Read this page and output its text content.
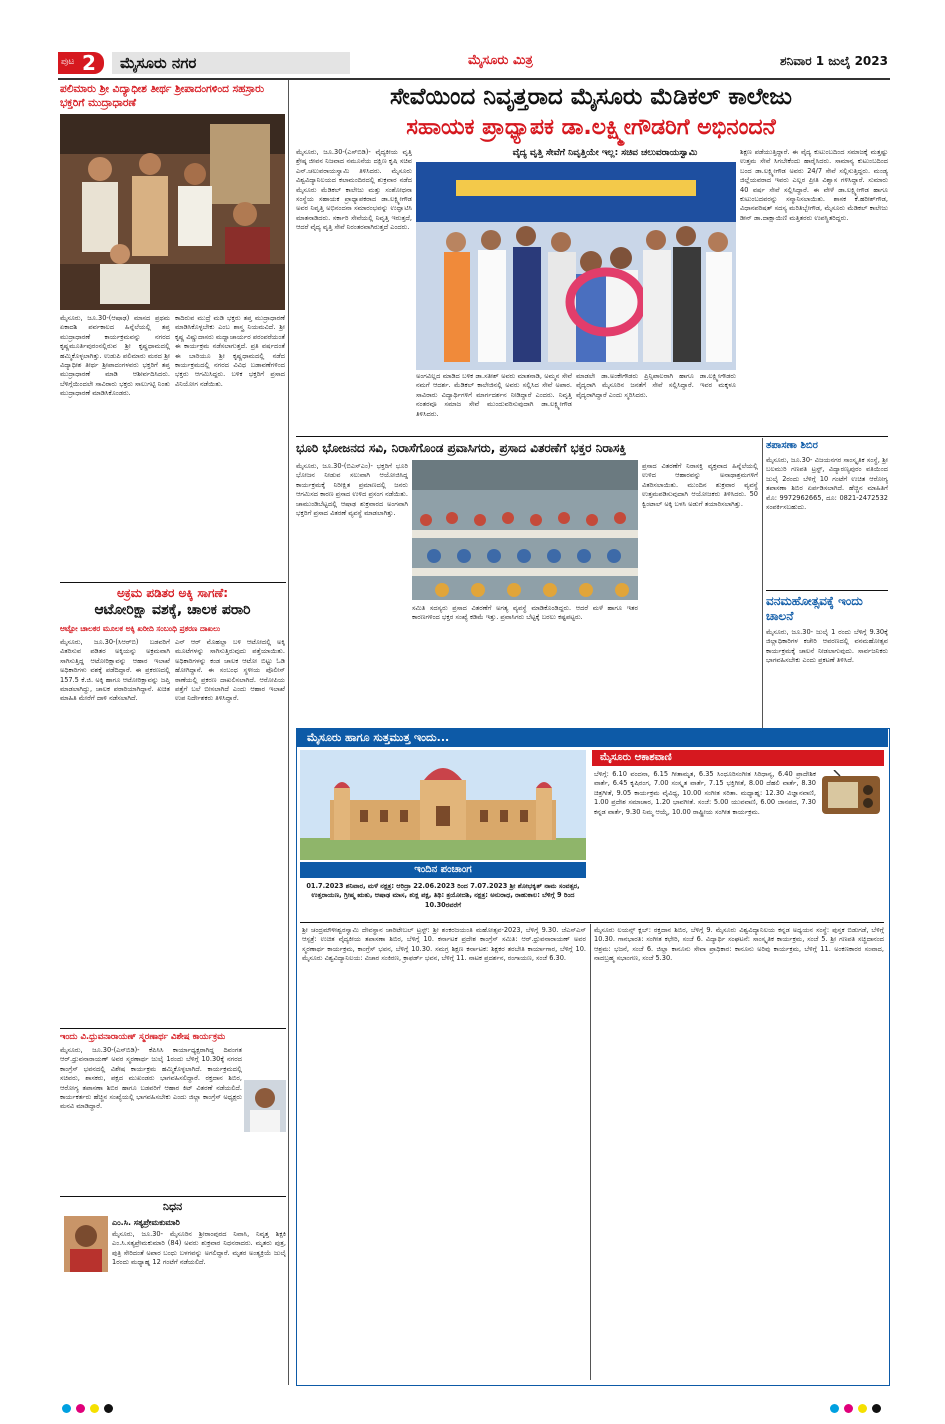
ಪುಟ 2	ಮೈಸೂರು ನಗರ	ಮೈಸೂರು ಮಿತ್ರ	ಶನಿವಾರ 1 ಜುಲೈ 2023
ಪಲಿಮಾರು ಶ್ರೀ ವಿದ್ಯಾಧೀಶ ತೀರ್ಥ ಶ್ರೀಪಾದಂಗಳಿಂದ ಸಹಸ್ರಾರು ಭಕ್ತರಿಗೆ ಮುದ್ರಾಧಾರಣೆ
ಮೈಸೂರು, ಜೂ.30-(ಆಷಾಢ) ಮಾಸದ ಪ್ರಥಮ ಏಕಾದಶಿ ಪರ್ವಕಾಲದ ಹಿನ್ನೆಲೆಯಲ್ಲಿ ತಪ್ತ ಮುದ್ರಾಧಾರಣೆ ಕಾರ್ಯಕ್ರಮವನ್ನು ನಗರದ ಕೃಷ್ಣಮೂರ್ತಿಪುರಂನಲ್ಲಿರುವ ಶ್ರೀ ಕೃಷ್ಣಧಾಮದಲ್ಲಿ ಹಮ್ಮಿಕೊಳ್ಳಲಾಗಿತ್ತು. ಉಡುಪಿ ಪಲಿಮಾರು ಮಠದ ಶ್ರೀ ವಿದ್ಯಾಧೀಶ ತೀರ್ಥ ಶ್ರೀಪಾದಂಗಳವರು ಭಕ್ತರಿಗೆ ತಪ್ತ ಮುದ್ರಾಧಾರಣೆ ಮಾಡಿ ಆಶೀರ್ವದಿಸಿದರು. ಬೆಳಿಗ್ಗೆಯಿಂದಲೇ ಸಾವಿರಾರು ಭಕ್ತರು ಸಾಲುಗಟ್ಟಿ ನಿಂತು ಮುದ್ರಾಧಾರಣೆ ಮಾಡಿಸಿಕೊಂಡರು.
ಕಾದಿರುವ ಮುದ್ರೆ ಮಡಿ ಭಕ್ತರು ತಪ್ತ ಮುದ್ರಾಧಾರಣೆ ಮಾಡಿಸಿಕೊಳ್ಳಬೇಕು ಎಂಬ ಶಾಸ್ತ್ರ ನಿಯಮವಿದೆ. ಶ್ರೀ ಕೃಷ್ಣ ವಿಷ್ಣುದಾಸರು ಮಧ್ವಾಚಾರ್ಯರ ಪರಂಪರೆಯಂತೆ ಈ ಕಾರ್ಯಕ್ರಮ ನಡೆಸಲಾಗುತ್ತದೆ. ಪ್ರತಿ ವರ್ಷದಂತೆ ಈ ಬಾರಿಯೂ ಶ್ರೀ ಕೃಷ್ಣಧಾಮದಲ್ಲಿ ನಡೆದ ಕಾರ್ಯಕ್ರಮದಲ್ಲಿ ನಗರದ ವಿವಿಧ ಬಡಾವಣೆಗಳಿಂದ ಭಕ್ತರು ಆಗಮಿಸಿದ್ದರು. ಬಳಿಕ ಭಕ್ತರಿಗೆ ಪ್ರಸಾದ ವಿನಿಯೋಗ ನಡೆಯಿತು.
ಅಕ್ರಮ ಪಡಿತರ ಅಕ್ಕಿ ಸಾಗಣೆ:
ಆಟೋರಿಕ್ಷಾ ವಶಕ್ಕೆ, ಚಾಲಕ ಪರಾರಿ
ಆಟ್ಟೋ ಚಾಲಕರ ಮೂಲಕ ಅಕ್ಕಿ ಖರೀದಿ ಸಂಬಂಧಿ ಪ್ರಕರಣ ದಾಖಲು
ಮೈಸೂರು, ಜೂ.30-(ಸಿಆರ್‌ಬಿ) ಬಡವರಿಗೆ ವಿತರಿಸುವ ಪಡಿತರ ಅಕ್ಕಿಯನ್ನು ಅಕ್ರಮವಾಗಿ ಸಾಗಿಸುತ್ತಿದ್ದ ಆಟೋರಿಕ್ಷಾವನ್ನು ಆಹಾರ ಇಲಾಖೆ ಅಧಿಕಾರಿಗಳು ವಶಕ್ಕೆ ಪಡೆದಿದ್ದಾರೆ. ಈ ಪ್ರಕರಣದಲ್ಲಿ 157.5 ಕೆ.ಜಿ. ಅಕ್ಕಿ ಹಾಗೂ ಆಟೋರಿಕ್ಷಾವನ್ನು ಜಪ್ತಿ ಮಾಡಲಾಗಿದ್ದು, ಚಾಲಕ ಪರಾರಿಯಾಗಿದ್ದಾನೆ. ಖಚಿತ ಮಾಹಿತಿ ಮೇರೆಗೆ ದಾಳಿ ನಡೆಸಲಾಗಿದೆ.
ಎನ್ ಆರ್ ಮೊಹಲ್ಲಾ ಬಳಿ ಆಟೋದಲ್ಲಿ ಅಕ್ಕಿ ಮೂಟೆಗಳನ್ನು ಸಾಗಿಸುತ್ತಿರುವುದು ಪತ್ತೆಯಾಯಿತು. ಅಧಿಕಾರಿಗಳನ್ನು ಕಂಡ ಚಾಲಕ ಆಟೋ ಬಿಟ್ಟು ಓಡಿ ಹೋಗಿದ್ದಾನೆ. ಈ ಸಂಬಂಧ ಸ್ಥಳೀಯ ಪೊಲೀಸ್ ಠಾಣೆಯಲ್ಲಿ ಪ್ರಕರಣ ದಾಖಲಿಸಲಾಗಿದೆ. ಆರೋಪಿಯ ಪತ್ತೆಗೆ ಬಲೆ ಬೀಸಲಾಗಿದೆ ಎಂದು ಆಹಾರ ಇಲಾಖೆ ಉಪ ನಿರ್ದೇಶಕರು ತಿಳಿಸಿದ್ದಾರೆ.
ಇಂದು ವಿ.ಧ್ರುವನಾರಾಯಣ್ ಸ್ಮರಣಾರ್ಥ ವಿಶೇಷ ಕಾರ್ಯಕ್ರಮ
ಮೈಸೂರು, ಜೂ.30-(ಎಸ್‌ಬಿಡಿ)- ಕೆಪಿಸಿಸಿ ಕಾರ್ಯಾಧ್ಯಕ್ಷರಾಗಿದ್ದ ದಿವಂಗತ ಆರ್.ಧ್ರುವನಾರಾಯಣ್ ಅವರ ಸ್ಮರಣಾರ್ಥ ಜುಲೈ 1ರಂದು ಬೆಳಿಗ್ಗೆ 10.30ಕ್ಕೆ ನಗರದ ಕಾಂಗ್ರೆಸ್ ಭವನದಲ್ಲಿ ವಿಶೇಷ ಕಾರ್ಯಕ್ರಮ ಹಮ್ಮಿಕೊಳ್ಳಲಾಗಿದೆ. ಕಾರ್ಯಕ್ರಮದಲ್ಲಿ ಸಚಿವರು, ಶಾಸಕರು, ಪಕ್ಷದ ಮುಖಂಡರು ಭಾಗವಹಿಸಲಿದ್ದಾರೆ. ರಕ್ತದಾನ ಶಿಬಿರ, ಆರೋಗ್ಯ ತಪಾಸಣಾ ಶಿಬಿರ ಹಾಗೂ ಬಡವರಿಗೆ ಆಹಾರ ಕಿಟ್ ವಿತರಣೆ ನಡೆಯಲಿದೆ. ಕಾರ್ಯಕರ್ತರು ಹೆಚ್ಚಿನ ಸಂಖ್ಯೆಯಲ್ಲಿ ಭಾಗವಹಿಸಬೇಕು ಎಂದು ಜಿಲ್ಲಾ ಕಾಂಗ್ರೆಸ್ ಅಧ್ಯಕ್ಷರು ಮನವಿ ಮಾಡಿದ್ದಾರೆ.
ನಿಧನ
ಎಂ.ಸಿ. ಸತ್ಯಪ್ರೇಮಕುಮಾರಿ
ಮೈಸೂರು, ಜೂ.30- ಮೈಸೂರಿನ ಶ್ರೀರಾಂಪುರದ ನಿವಾಸಿ, ನಿವೃತ್ತ ಶಿಕ್ಷಕಿ ಎಂ.ಸಿ.ಸತ್ಯಪ್ರೇಮಕುಮಾರಿ (84) ಅವರು ಶುಕ್ರವಾರ ನಿಧನರಾದರು. ಮೃತರು ಪುತ್ರ, ಪುತ್ರಿ ಸೇರಿದಂತೆ ಅಪಾರ ಬಂಧು ಬಳಗವನ್ನು ಅಗಲಿದ್ದಾರೆ. ಮೃತರ ಅಂತ್ಯಕ್ರಿಯೆ ಜುಲೈ 1ರಂದು ಮಧ್ಯಾಹ್ನ 12 ಗಂಟೆಗೆ ನಡೆಯಲಿದೆ.
ಸೇವೆಯಿಂದ ನಿವೃತ್ತರಾದ ಮೈಸೂರು ಮೆಡಿಕಲ್ ಕಾಲೇಜು
ಸಹಾಯಕ ಪ್ರಾಧ್ಯಾಪಕ ಡಾ.ಲಕ್ಷ್ಮೀಗೌಡರಿಗೆ ಅಭಿನಂದನೆ
ವೈದ್ಯ ವೃತ್ತಿ ಸೇವೆಗೆ ನಿವೃತ್ತಿಯೇ ಇಲ್ಲ: ಸಚಿವ ಚಲುವರಾಯಸ್ವಾಮಿ
ಮೈಸೂರು, ಜೂ.30-(ಎಸ್‌ಬಿಡಿ)- ವೈದ್ಯಕೀಯ ವೃತ್ತಿ ಶ್ರೇಷ್ಠ ಜೀವನ ನಿಜವಾದ ನಮೂನೆಯ ದಕ್ಷಿಣ ಕೃಷಿ ಸಚಿವ ಎನ್.ಚಲುವರಾಯಸ್ವಾಮಿ ತಿಳಿಸಿದರು. ಮೈಸೂರು ವಿಶ್ವವಿದ್ಯಾನಿಲಯದ ಕಲಾಮಂದಿರದಲ್ಲಿ ಶುಕ್ರವಾರ ನಡೆದ ಮೈಸೂರು ಮೆಡಿಕಲ್ ಕಾಲೇಜು ಮತ್ತು ಸಂಶೋಧನಾ ಸಂಸ್ಥೆಯ ಸಹಾಯಕ ಪ್ರಾಧ್ಯಾಪಕರಾದ ಡಾ.ಲಕ್ಷ್ಮೀಗೌಡ ಅವರ ನಿವೃತ್ತಿ ಅಭಿನಂದನಾ ಸಮಾರಂಭವನ್ನು ಉದ್ಘಾಟಿಸಿ ಮಾತನಾಡಿದರು. ಸರ್ಕಾರಿ ಸೇವೆಯಲ್ಲಿ ನಿವೃತ್ತಿ ಇರುತ್ತದೆ, ಆದರೆ ವೈದ್ಯ ವೃತ್ತಿ ಸೇವೆ ನಿರಂತರವಾಗಿರುತ್ತದೆ ಎಂದರು.
ಶಿಕ್ಷಣ ಪಡೆಯುತ್ತಿದ್ದಾರೆ. ಈ ವೈದ್ಯ ಕುಟುಂಬದಿಂದ ಸಮಾಜಕ್ಕೆ ಮತ್ತಷ್ಟು ಉತ್ತಮ ಸೇವೆ ಸಿಗಬೇಕೆಂದು ಹಾರೈಸಿದರು. ಸಾಮಾನ್ಯ ಕುಟುಂಬದಿಂದ ಬಂದ ಡಾ.ಲಕ್ಷ್ಮೀಗೌಡ ಅವರು 24/7 ಸೇವೆ ಸಲ್ಲಿಸುತ್ತಿದ್ದರು. ಮಂಡ್ಯ ಜಿಲ್ಲೆಯವರಾದ ಇವರು ಎಲ್ಲರ ಪ್ರೀತಿ ವಿಶ್ವಾಸ ಗಳಿಸಿದ್ದಾರೆ. ಸುಮಾರು 40 ವರ್ಷ ಸೇವೆ ಸಲ್ಲಿಸಿದ್ದಾರೆ. ಈ ವೇಳೆ ಡಾ.ಲಕ್ಷ್ಮೀಗೌಡ ಹಾಗೂ ಕುಟುಂಬದವರನ್ನು ಸನ್ಮಾನಿಸಲಾಯಿತು. ಶಾಸಕ ಕೆ.ಹರೀಶ್‌ಗೌಡ, ವಿಧಾನಪರಿಷತ್ ಸದಸ್ಯ ಮರಿತಿಬ್ಬೇಗೌಡ, ಮೈಸೂರು ಮೆಡಿಕಲ್ ಕಾಲೇಜು ಡೀನ್ ಡಾ.ದಾಕ್ಷಾಯಿಣಿ ಮತ್ತಿತರರು ಉಪಸ್ಥಿತರಿದ್ದರು.
ಅಂಗವಿಲ್ಲದ ಮಾಡಿದ ಬಳಿಕ ಡಾ.ಸತೀಶ್ ಅವರು ಮಾತನಾಡಿ, ಅಮ್ಮನ ಸೇವೆ ನಮಗೆ ಆದರ್ಶ. ಮೆಡಿಕಲ್ ಕಾಲೇಜಿನಲ್ಲಿ ಅವರು ಸಲ್ಲಿಸಿದ ಸೇವೆ ಅಪಾರ. ಸಾವಿರಾರು ವಿದ್ಯಾರ್ಥಿಗಳಿಗೆ ಮಾರ್ಗದರ್ಶನ ನೀಡಿದ್ದಾರೆ ಎಂದರು. ನಿವೃತ್ತಿ ನಂತರವೂ ಸಮಾಜ ಸೇವೆ ಮುಂದುವರಿಸುವುದಾಗಿ ಡಾ.ಲಕ್ಷ್ಮೀಗೌಡ ತಿಳಿಸಿದರು.
ಮಾಡಲೇ ಡಾ.ಅಂಕೇಗೌಡರು ಪ್ರಿನ್ಸಿಪಾಲರಾಗಿ ಹಾಗೂ ಡಾ.ಲಕ್ಷ್ಮೀಗೌಡರು ವೈದ್ಯರಾಗಿ ಮೈಸೂರಿನ ಜನತೆಗೆ ಸೇವೆ ಸಲ್ಲಿಸಿದ್ದಾರೆ. ಇವರ ಮಕ್ಕಳೂ ವೈದ್ಯರಾಗಿದ್ದಾರೆ ಎಂದು ಸ್ಮರಿಸಿದರು.
ಭೂರಿ ಭೋಜನದ ಸವಿ, ನಿರಾಸೆಗೊಂಡ ಪ್ರವಾಸಿಗರು, ಪ್ರಸಾದ ವಿತರಣೆಗೆ ಭಕ್ತರ ನಿರಾಸಕ್ತಿ
ಮೈಸೂರು, ಜೂ.30-(ಬಿಎಸ್‌ಎಂ)- ಭಕ್ತರಿಗೆ ಭೂರಿ ಭೋಜನ ನೀಡುವ ಸಲುವಾಗಿ ಆಯೋಜಿಸಿದ್ದ ಕಾರ್ಯಕ್ರಮಕ್ಕೆ ನಿರೀಕ್ಷಿತ ಪ್ರಮಾಣದಲ್ಲಿ ಜನರು ಆಗಮಿಸದ ಕಾರಣ ಪ್ರಸಾದ ಉಳಿದ ಪ್ರಸಂಗ ನಡೆಯಿತು. ಚಾಮುಂಡಿಬೆಟ್ಟದಲ್ಲಿ ಆಷಾಢ ಶುಕ್ರವಾರದ ಅಂಗವಾಗಿ ಭಕ್ತರಿಗೆ ಪ್ರಸಾದ ವಿತರಣೆ ವ್ಯವಸ್ಥೆ ಮಾಡಲಾಗಿತ್ತು.
ಸಮಿತಿ ಸದಸ್ಯರು ಪ್ರಸಾದ ವಿತರಣೆಗೆ ಅಗತ್ಯ ವ್ಯವಸ್ಥೆ ಮಾಡಿಕೊಂಡಿದ್ದರು. ಆದರೆ ಮಳೆ ಹಾಗೂ ಇತರ ಕಾರಣಗಳಿಂದ ಭಕ್ತರ ಸಂಖ್ಯೆ ಕಡಿಮೆ ಇತ್ತು. ಪ್ರವಾಸಿಗರು ಬೆಟ್ಟಕ್ಕೆ ಬರಲು ಕಷ್ಟಪಟ್ಟರು.
ಪ್ರಸಾದ ವಿತರಣೆಗೆ ನಿರಾಸಕ್ತಿ ವ್ಯಕ್ತವಾದ ಹಿನ್ನೆಲೆಯಲ್ಲಿ ಉಳಿದ ಆಹಾರವನ್ನು ಅನಾಥಾಶ್ರಮಗಳಿಗೆ ವಿತರಿಸಲಾಯಿತು. ಮುಂದಿನ ಶುಕ್ರವಾರ ವ್ಯವಸ್ಥೆ ಉತ್ತಮಪಡಿಸುವುದಾಗಿ ಆಯೋಜಕರು ತಿಳಿಸಿದರು. 50 ಕ್ವಿಂಟಾಲ್ ಅಕ್ಕಿ ಬಳಸಿ ಅಡುಗೆ ತಯಾರಿಸಲಾಗಿತ್ತು.
ತಪಾಸಣಾ ಶಿಬಿರ
ಮೈಸೂರು, ಜೂ.30- ವಿಜಯನಗರ ಸಾಂಸ್ಕೃತಿಕ ಸಂಸ್ಥೆ, ಶ್ರೀ ಬಲಮುರಿ ಗಣಪತಿ ಟ್ರಸ್ಟ್, ವಿದ್ಯಾರಣ್ಯಪುರಂ ವತಿಯಿಂದ ಜುಲೈ 2ರಂದು ಬೆಳಿಗ್ಗೆ 10 ಗಂಟೆಗೆ ಉಚಿತ ಆರೋಗ್ಯ ತಪಾಸಣಾ ಶಿಬಿರ ಏರ್ಪಡಿಸಲಾಗಿದೆ. ಹೆಚ್ಚಿನ ಮಾಹಿತಿಗೆ ಮೊ: 9972962665, ದೂ: 0821-2472532 ಸಂಪರ್ಕಿಸಬಹುದು.
ವನಮಹೋತ್ಸವಕ್ಕೆ ಇಂದು ಚಾಲನೆ
ಮೈಸೂರು, ಜೂ.30- ಜುಲೈ 1 ರಂದು ಬೆಳಿಗ್ಗೆ 9.30ಕ್ಕೆ ಜಿಲ್ಲಾಧಿಕಾರಿಗಳ ಕಚೇರಿ ಆವರಣದಲ್ಲಿ ವನಮಹೋತ್ಸವ ಕಾರ್ಯಕ್ರಮಕ್ಕೆ ಚಾಲನೆ ನೀಡಲಾಗುವುದು. ಸಾರ್ವಜನಿಕರು ಭಾಗವಹಿಸಬೇಕು ಎಂದು ಪ್ರಕಟಣೆ ತಿಳಿಸಿದೆ.
ಮೈಸೂರು ಹಾಗೂ ಸುತ್ತಮುತ್ತ ಇಂದು...
ಇಂದಿನ ಪಂಚಾಂಗ
01.7.2023 ಶನಿವಾರ, ಮಳೆ ನಕ್ಷತ್ರ: ಆರಿದ್ರಾ 22.06.2023 ರಿಂದ 7.07.2023 ಶ್ರೀ ಶೋಭಕೃತ್ ನಾಮ ಸಂವತ್ಸರ, ಉತ್ತರಾಯಣ, ಗ್ರೀಷ್ಮ ಋತು, ಆಷಾಢ ಮಾಸ, ಶುಕ್ಲ ಪಕ್ಷ, ತಿಥಿ: ತ್ರಯೋದಶಿ, ನಕ್ಷತ್ರ: ಅನುರಾಧ, ರಾಹುಕಾಲ: ಬೆಳಿಗ್ಗೆ 9 ರಿಂದ 10.30ರವರೆಗೆ
ಮೈಸೂರು ಆಕಾಶವಾಣಿ
ಬೆಳಿಗ್ಗೆ: 6.10 ವಂದನಾ, 6.15 ಗೀತಾಮೃತ, 6.35 ಸಿಂಧೂರಿಸಂಗೀತ ಸಿರಿಧಾನ್ಯ, 6.40 ಪ್ರಾದೇಶಿಕ ವಾರ್ತೆ, 6.45 ಕೃಷಿರಂಗ, 7.00 ಸಂಸ್ಕೃತ ವಾರ್ತೆ, 7.15 ಭಕ್ತಿಗೀತೆ, 8.00 ದೆಹಲಿ ವಾರ್ತೆ, 8.30 ಚಿತ್ರಗೀತೆ, 9.05 ಕಾರ್ಯಕ್ರಮ ವೈವಿಧ್ಯ, 10.00 ಸಂಗೀತ ಸರಿತಾ. ಮಧ್ಯಾಹ್ನ: 12.30 ವಿಜ್ಞಾನವಾಣಿ, 1.00 ಪ್ರದೇಶ ಸಮಾಚಾರ, 1.20 ಭಾವಗೀತೆ. ಸಂಜೆ: 5.00 ಯುವವಾಣಿ, 6.00 ಜಾನಪದ, 7.30 ಕನ್ನಡ ವಾರ್ತೆ, 9.30 ನಿಮ್ಮ ಆಯ್ಕೆ, 10.00 ರಾಷ್ಟ್ರೀಯ ಸಂಗೀತ ಕಾರ್ಯಕ್ರಮ.
ಶ್ರೀ ಚಂದ್ರಮೌಳೀಶ್ವರಸ್ವಾಮಿ ದೇವಸ್ಥಾನ ಚಾರಿಟೇಬಲ್ ಟ್ರಸ್ಟ್: ಶ್ರೀ ಶಂಕರಜಯಂತಿ ಮಹೋತ್ಸವ-2023, ಬೆಳಿಗ್ಗೆ 9.30. ಜೆಎಸ್‌ಎಸ್ ಆಸ್ಪತ್ರೆ: ಉಚಿತ ವೈದ್ಯಕೀಯ ತಪಾಸಣಾ ಶಿಬಿರ, ಬೆಳಿಗ್ಗೆ 10. ಕರ್ನಾಟಕ ಪ್ರದೇಶ ಕಾಂಗ್ರೆಸ್ ಸಮಿತಿ: ಆರ್.ಧ್ರುವನಾರಾಯಣ್ ಅವರ ಸ್ಮರಣಾರ್ಥ ಕಾರ್ಯಕ್ರಮ, ಕಾಂಗ್ರೆಸ್ ಭವನ, ಬೆಳಿಗ್ಗೆ 10.30. ಸಮಗ್ರ ಶಿಕ್ಷಣ ಕರ್ನಾಟಕ: ಶಿಕ್ಷಕರ ತರಬೇತಿ ಕಾರ್ಯಾಗಾರ, ಬೆಳಿಗ್ಗೆ 10. ಮೈಸೂರು ವಿಶ್ವವಿದ್ಯಾನಿಲಯ: ವಿಚಾರ ಸಂಕಿರಣ, ಕ್ರಾಫರ್ಡ್ ಭವನ, ಬೆಳಿಗ್ಗೆ 11. ನಾಟಕ ಪ್ರದರ್ಶನ, ರಂಗಾಯಣ, ಸಂಜೆ 6.30.
ಮೈಸೂರು ಲಯನ್ಸ್ ಕ್ಲಬ್: ರಕ್ತದಾನ ಶಿಬಿರ, ಬೆಳಿಗ್ಗೆ 9. ಮೈಸೂರು ವಿಶ್ವವಿದ್ಯಾನಿಲಯ ಕನ್ನಡ ಅಧ್ಯಯನ ಸಂಸ್ಥೆ: ಪುಸ್ತಕ ಬಿಡುಗಡೆ, ಬೆಳಿಗ್ಗೆ 10.30. ಗಾನಭಾರತಿ: ಸಂಗೀತ ಕಛೇರಿ, ಸಂಜೆ 6. ವಿದ್ಯಾರ್ಥಿ ಸಂಘಟನೆ: ಸಾಂಸ್ಕೃತಿಕ ಕಾರ್ಯಕ್ರಮ, ಸಂಜೆ 5. ಶ್ರೀ ಗಣಪತಿ ಸಚ್ಚಿದಾನಂದ ಆಶ್ರಮ: ಭಜನೆ, ಸಂಜೆ 6. ಜಿಲ್ಲಾ ಕಾನೂನು ಸೇವಾ ಪ್ರಾಧಿಕಾರ: ಕಾನೂನು ಅರಿವು ಕಾರ್ಯಕ್ರಮ, ಬೆಳಿಗ್ಗೆ 11. ಅಂಕಣಕಾರರ ಸಂವಾದ, ನಾದಬ್ರಹ್ಮ ಸಭಾಂಗಣ, ಸಂಜೆ 5.30.
